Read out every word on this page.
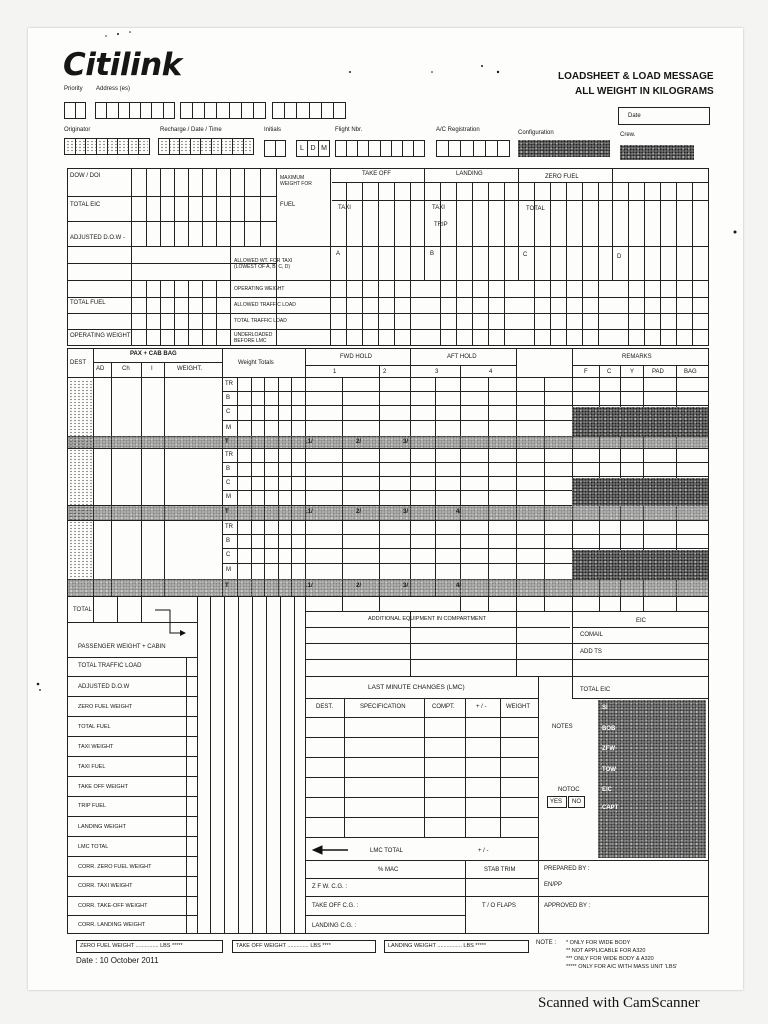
Citilink
Priority Address (es)
LOADSHEET & LOAD MESSAGE
ALL WEIGHT IN KILOGRAMS
Date
Originator	Recharge / Date / Time	Initials	Flight Nbr.	A/C Registration	Configuration	Crew.
L D M
DOW / DOI
TOTAL EIC
ADJUSTED D.O.W -
TOTAL FUEL
OPERATING WEIGHT
MAXIMUM WEIGHT FOR
FUEL
TAKE OFF	LANDING	ZERO FUEL
TAXI	TAXI
TRIP
TOTAL
ALLOWED WT. FOR TAXI (LOWEST OF A, B, C, D)
OPERATING WEIGHT
ALLOWED TRAFFIC LOAD
TOTAL TRAFFIC LOAD
UNDERLOADED BEFORE LMC
A	B	C	D
DEST
PAX + CAB BAG
AD	Ch	I	WEIGHT.
Weight Totals
FWD HOLD	AFT HOLD	REMARKS
1	2	3	4	F	C	Y	PAD	BAG
TR
B
C
M
TR
B
C
M
TR
B
C
M
T	.1/	2/	3/
T	.1/	2/	3/	4/
T	.1/	2/	3/	4/
TOTAL
PASSENGER WEIGHT + CABIN
TOTAL TRAFFIC LOAD
ADJUSTED D.O.W
ZERO FUEL WEIGHT
TOTAL FUEL
TAXI WEIGHT
TAXI FUEL
TAKE OFF WEIGHT
TRIP FUEL
LANDING WEIGHT
LMC TOTAL
CORR. ZERO FUEL WEIGHT
CORR. TAXI WEIGHT
CORR. TAKE-OFF WEIGHT
CORR. LANDING WEIGHT
ADDITIONAL EQUIPMENT IN COMPARTMENT	EIC
COMAIL
ADD TS
TOTAL EIC
LAST MINUTE CHANGES (LMC)
DEST.	SPECIFICATION	COMPT.	+ / -	WEIGHT
NOTES
NOTOC
YES NO
SI
BOB
ZFW
TOW
EIC
CAPT
LMC TOTAL	+ / -
% MAC	STAB TRIM
Z F W. C.G. :
TAKE OFF C.G. :
LANDING C.G. :
T / O FLAPS
PREPARED BY :
EN/PP
APPROVED BY :
ZERO FUEL WEIGHT ............... LBS *****	TAKE OFF WEIGHT .............. LBS ****	LANDING WEIGHT ................ LBS *****	NOTE : * ONLY FOR WIDE BODY
** NOT APPLICABLE FOR A320
*** ONLY FOR WIDE BODY & A320
***** ONLY FOR A/C WITH MASS UNIT 'LBS'
Date : 10 October 2011
Scanned with CamScanner
